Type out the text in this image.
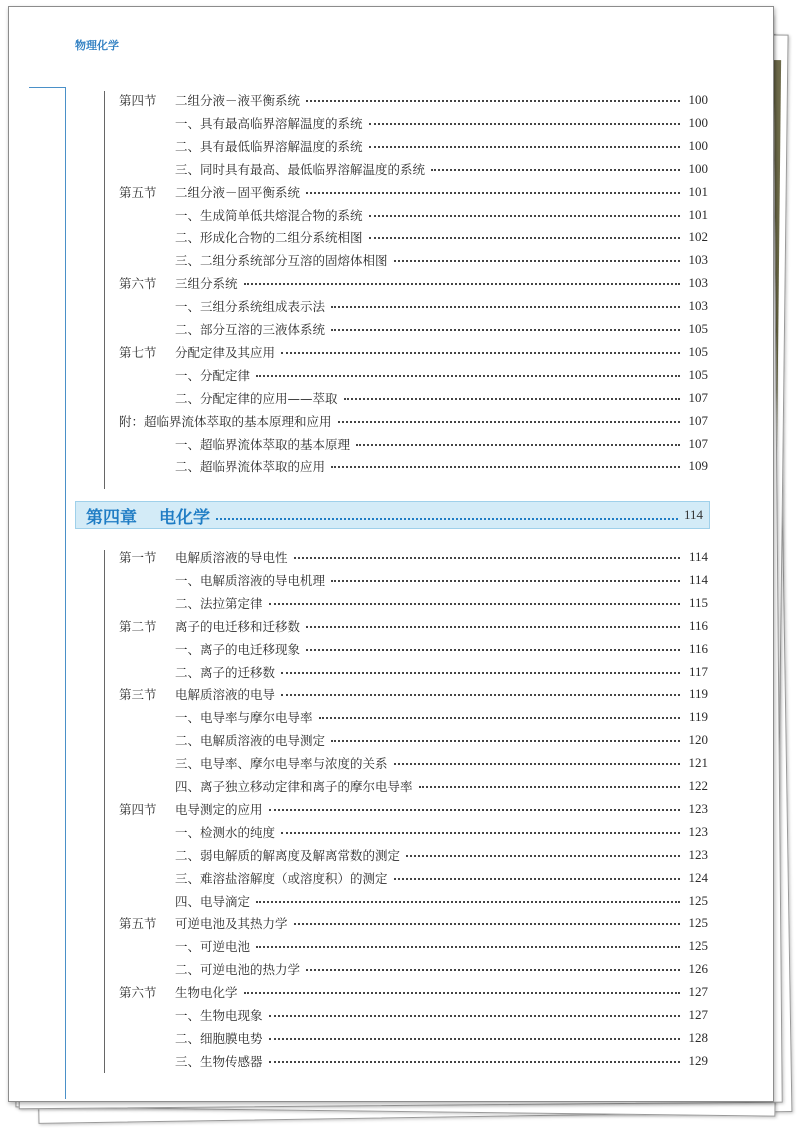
物理化学
第四节	二组分液－液平衡系统	100
一、具有最高临界溶解温度的系统	100
二、具有最低临界溶解温度的系统	100
三、同时具有最高、最低临界溶解温度的系统	100
第五节	二组分液－固平衡系统	101
一、生成简单低共熔混合物的系统	101
二、形成化合物的二组分系统相图	102
三、二组分系统部分互溶的固熔体相图	103
第六节	三组分系统	103
一、三组分系统组成表示法	103
二、部分互溶的三液体系统	105
第七节	分配定律及其应用	105
一、分配定律	105
二、分配定律的应用——萃取	107
附：超临界流体萃取的基本原理和应用	107
一、超临界流体萃取的基本原理	107
二、超临界流体萃取的应用	109
第四章	电化学	114
第一节	电解质溶液的导电性	114
一、电解质溶液的导电机理	114
二、法拉第定律	115
第二节	离子的电迁移和迁移数	116
一、离子的电迁移现象	116
二、离子的迁移数	117
第三节	电解质溶液的电导	119
一、电导率与摩尔电导率	119
二、电解质溶液的电导测定	120
三、电导率、摩尔电导率与浓度的关系	121
四、离子独立移动定律和离子的摩尔电导率	122
第四节	电导测定的应用	123
一、检测水的纯度	123
二、弱电解质的解离度及解离常数的测定	123
三、难溶盐溶解度（或溶度积）的测定	124
四、电导滴定	125
第五节	可逆电池及其热力学	125
一、可逆电池	125
二、可逆电池的热力学	126
第六节	生物电化学	127
一、生物电现象	127
二、细胞膜电势	128
三、生物传感器	129
